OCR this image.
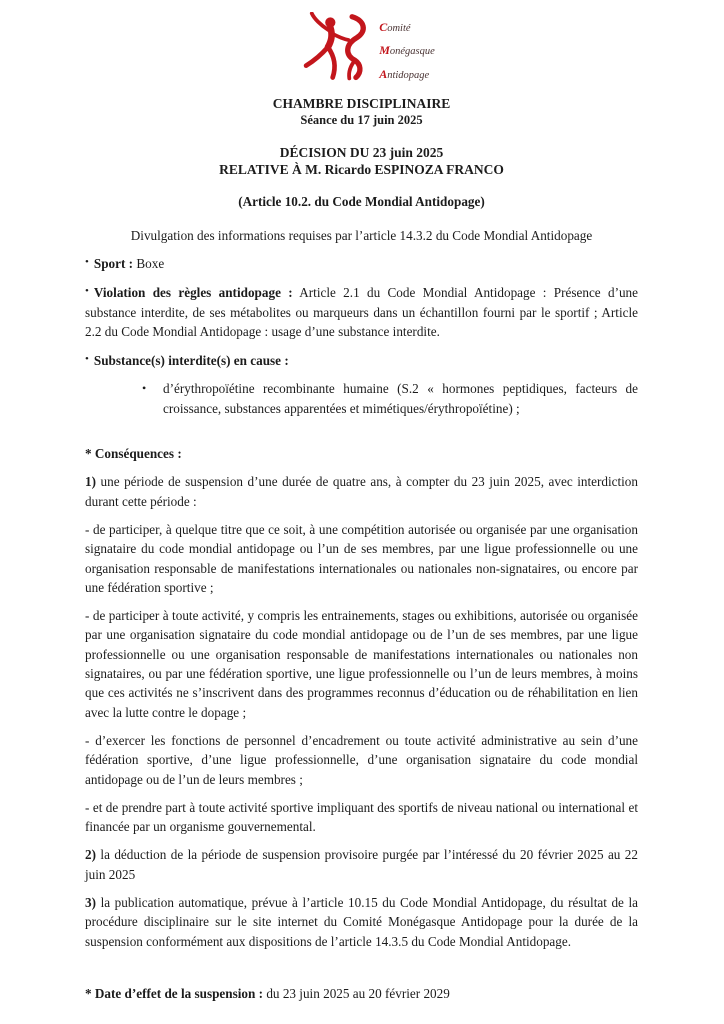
Comité
Monégasque
Antidopage
CHAMBRE DISCIPLINAIRE
Séance du 17 juin 2025
DÉCISION DU 23 juin 2025
RELATIVE À M. Ricardo ESPINOZA FRANCO
(Article 10.2. du Code Mondial Antidopage)
Divulgation des informations requises par l’article 14.3.2 du Code Mondial Antidopage

• Sport : Boxe

• Violation des règles antidopage : Article 2.1 du Code Mondial Antidopage : Présence d’une substance interdite, de ses métabolites ou marqueurs dans un échantillon fourni par le sportif ; Article 2.2 du Code Mondial Antidopage : usage d’une substance interdite.

• Substance(s) interdite(s) en cause :

• d’érythropoïétine recombinante humaine (S.2 « hormones peptidiques, facteurs de croissance, substances apparentées et mimétiques/érythropoïétine) ;

* Conséquences :

1) une période de suspension d’une durée de quatre ans, à compter du 23 juin 2025, avec interdiction durant cette période :

- de participer, à quelque titre que ce soit, à une compétition autorisée ou organisée par une organisation signataire du code mondial antidopage ou l’un de ses membres, par une ligue professionnelle ou une organisation responsable de manifestations internationales ou nationales non-signataires, ou encore par une fédération sportive ;

- de participer à toute activité, y compris les entrainements, stages ou exhibitions, autorisée ou organisée par une organisation signataire du code mondial antidopage ou de l’un de ses membres, par une ligue professionnelle ou une organisation responsable de manifestations internationales ou nationales non signataires, ou par une fédération sportive, une ligue professionnelle ou l’un de leurs membres, à moins que ces activités ne s’inscrivent dans des programmes reconnus d’éducation ou de réhabilitation en lien avec la lutte contre le dopage ;

- d’exercer les fonctions de personnel d’encadrement ou toute activité administrative au sein d’une fédération sportive, d’une ligue professionnelle, d’une organisation signataire du code mondial antidopage ou de l’un de leurs membres ;

- et de prendre part à toute activité sportive impliquant des sportifs de niveau national ou international et financée par un organisme gouvernemental.

2) la déduction de la période de suspension provisoire purgée par l’intéressé du 20 février 2025 au 22 juin 2025

3) la publication automatique, prévue à l’article 10.15 du Code Mondial Antidopage, du résultat de la procédure disciplinaire sur le site internet du Comité Monégasque Antidopage pour la durée de la suspension conformément aux dispositions de l’article 14.3.5 du Code Mondial Antidopage.

* Date d’effet de la suspension : du 23 juin 2025 au 20 février 2029
